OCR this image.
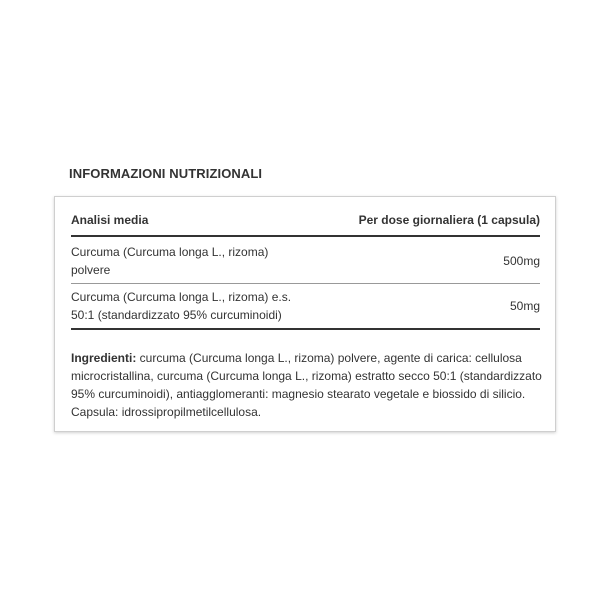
INFORMAZIONI NUTRIZIONALI
Analisi media	Per dose giornaliera (1 capsula)
Curcuma (Curcuma longa L., rizoma) polvere	500mg
Curcuma (Curcuma longa L., rizoma) e.s. 50:1 (standardizzato 95% curcuminoidi)	50mg
Ingredienti: curcuma (Curcuma longa L., rizoma) polvere, agente di carica: cellulosa microcristallina, curcuma (Curcuma longa L., rizoma) estratto secco 50:1 (standardizzato 95% curcuminoidi), antiagglomeranti: magnesio stearato vegetale e biossido di silicio. Capsula: idrossipropilmetilcellulosa.
